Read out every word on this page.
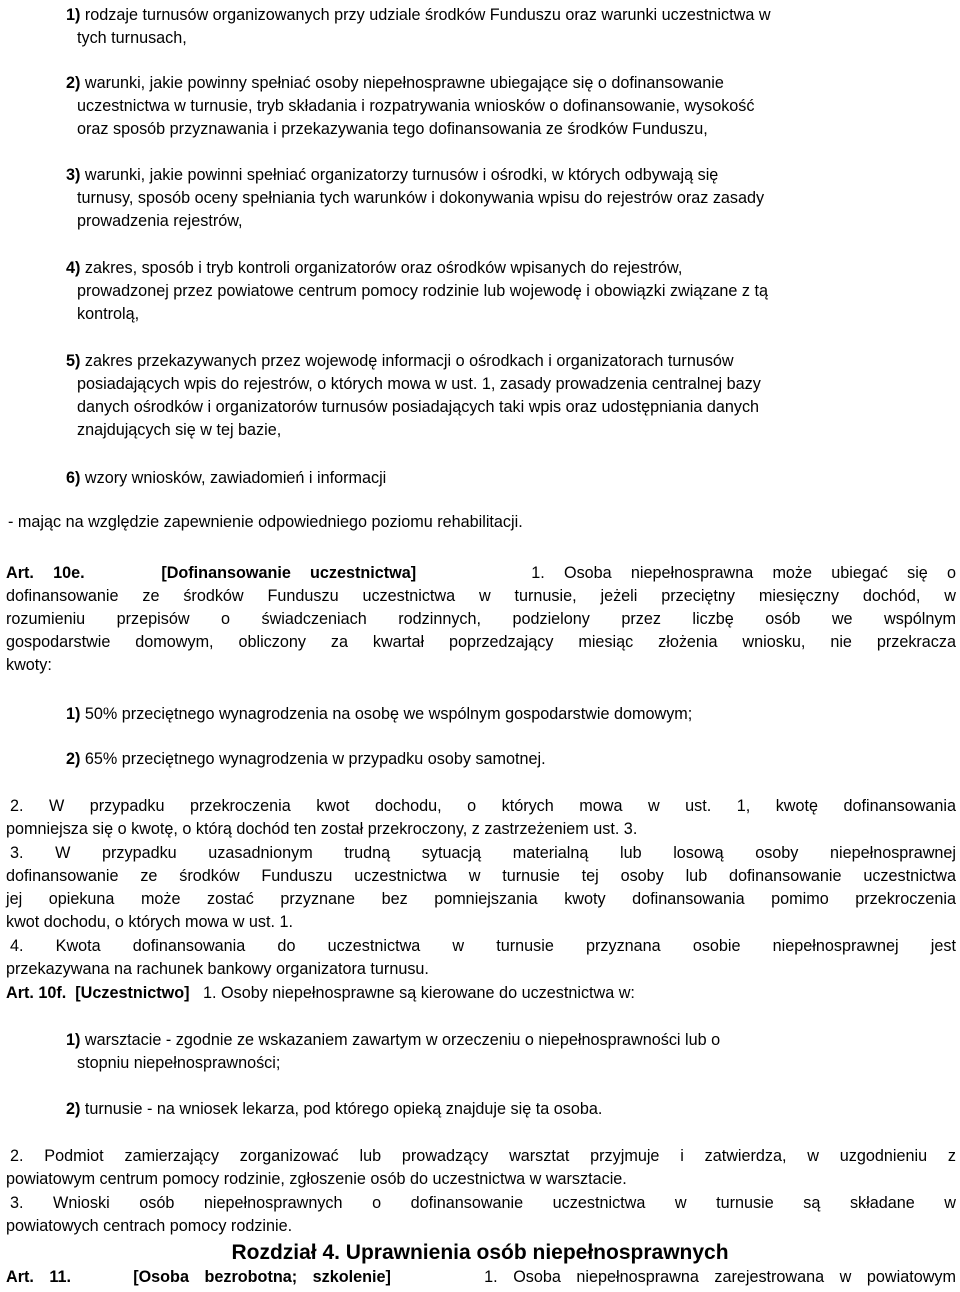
1) rodzaje turnusów organizowanych przy udziale środków Funduszu oraz warunki uczestnictwa w
tych turnusach,
2) warunki, jakie powinny spełniać osoby niepełnosprawne ubiegające się o dofinansowanie
uczestnictwa w turnusie, tryb składania i rozpatrywania wniosków o dofinansowanie, wysokość
oraz sposób przyznawania i przekazywania tego dofinansowania ze środków Funduszu,
3) warunki, jakie powinni spełniać organizatorzy turnusów i ośrodki, w których odbywają się
turnusy, sposób oceny spełniania tych warunków i dokonywania wpisu do rejestrów oraz zasady
prowadzenia rejestrów,
4) zakres, sposób i tryb kontroli organizatorów oraz ośrodków wpisanych do rejestrów,
prowadzonej przez powiatowe centrum pomocy rodzinie lub wojewodę i obowiązki związane z tą
kontrolą,
5) zakres przekazywanych przez wojewodę informacji o ośrodkach i organizatorach turnusów
posiadających wpis do rejestrów, o których mowa w ust. 1, zasady prowadzenia centralnej bazy
danych ośrodków i organizatorów turnusów posiadających taki wpis oraz udostępniania danych
znajdujących się w tej bazie,
6) wzory wniosków, zawiadomień i informacji
- mając na względzie zapewnienie odpowiedniego poziomu rehabilitacji.
Art. 10e.	[Dofinansowanie uczestnictwa]	1. Osoba niepełnosprawna może ubiegać się o
dofinansowanie ze środków Funduszu uczestnictwa w turnusie, jeżeli przeciętny miesięczny dochód, w
rozumieniu przepisów o świadczeniach rodzinnych, podzielony przez liczbę osób we wspólnym
gospodarstwie domowym, obliczony za kwartał poprzedzający miesiąc złożenia wniosku, nie przekracza
kwoty:
1) 50% przeciętnego wynagrodzenia na osobę we wspólnym gospodarstwie domowym;
2) 65% przeciętnego wynagrodzenia w przypadku osoby samotnej.
2. W przypadku przekroczenia kwot dochodu, o których mowa w ust. 1, kwotę dofinansowania
pomniejsza się o kwotę, o którą dochód ten został przekroczony, z zastrzeżeniem ust. 3.
3. W przypadku uzasadnionym trudną sytuacją materialną lub losową osoby niepełnosprawnej
dofinansowanie ze środków Funduszu uczestnictwa w turnusie tej osoby lub dofinansowanie uczestnictwa
jej opiekuna może zostać przyznane bez pomniejszania kwoty dofinansowania pomimo przekroczenia
kwot dochodu, o których mowa w ust. 1.
4. Kwota dofinansowania do uczestnictwa w turnusie przyznana osobie niepełnosprawnej jest
przekazywana na rachunek bankowy organizatora turnusu.
Art. 10f. [Uczestnictwo] 1. Osoby niepełnosprawne są kierowane do uczestnictwa w:
1) warsztacie - zgodnie ze wskazaniem zawartym w orzeczeniu o niepełnosprawności lub o
stopniu niepełnosprawności;
2) turnusie - na wniosek lekarza, pod którego opieką znajduje się ta osoba.
2. Podmiot zamierzający zorganizować lub prowadzący warsztat przyjmuje i zatwierdza, w uzgodnieniu z
powiatowym centrum pomocy rodzinie, zgłoszenie osób do uczestnictwa w warsztacie.
3. Wnioski osób niepełnosprawnych o dofinansowanie uczestnictwa w turnusie są składane w
powiatowych centrach pomocy rodzinie.
Rozdział 4. Uprawnienia osób niepełnosprawnych
Art. 11.	[Osoba bezrobotna; szkolenie]	1. Osoba niepełnosprawna zarejestrowana w powiatowym
